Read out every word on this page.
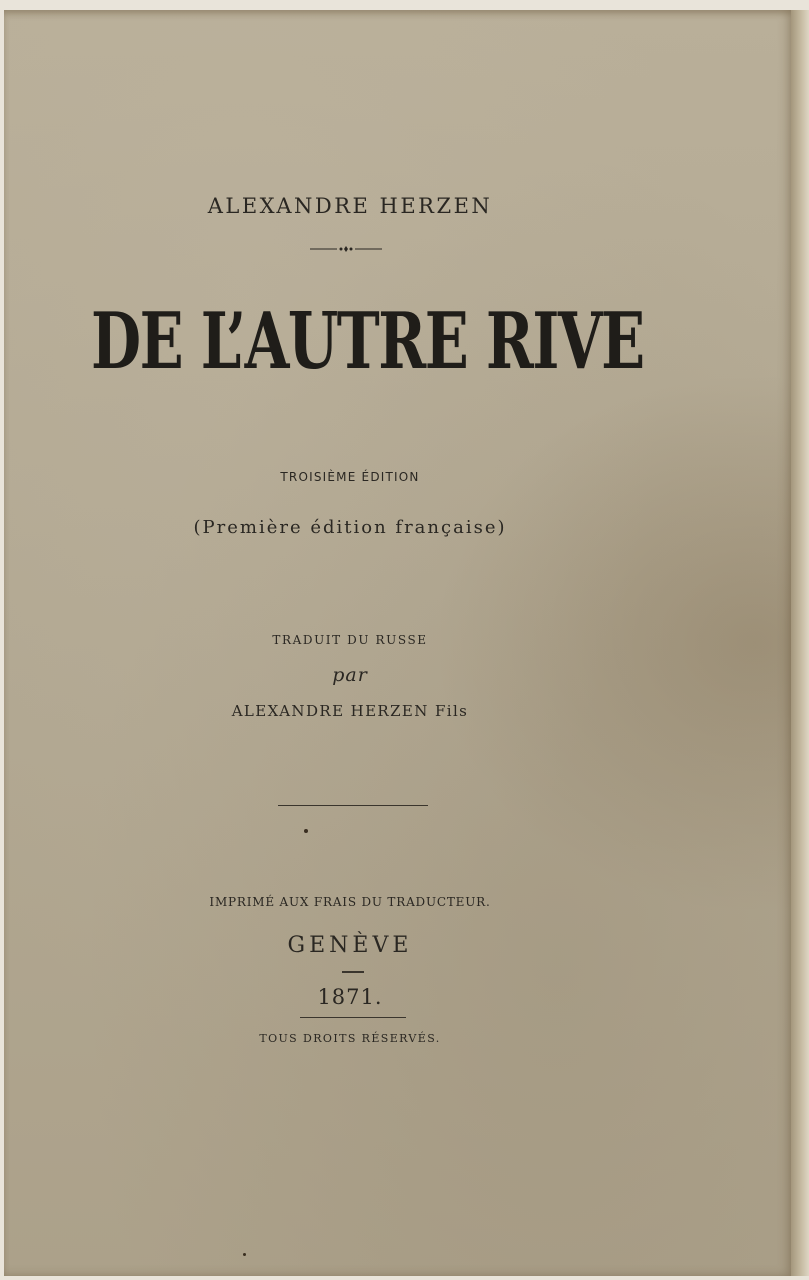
ALEXANDRE HERZEN
DE L’AUTRE RIVE
TROISIÈME ÉDITION
(Première édition française)
TRADUIT DU RUSSE
par
ALEXANDRE HERZEN Fils
IMPRIMÉ AUX FRAIS DU TRADUCTEUR.
GENÈVE
1871.
TOUS DROITS RÉSERVÉS.
